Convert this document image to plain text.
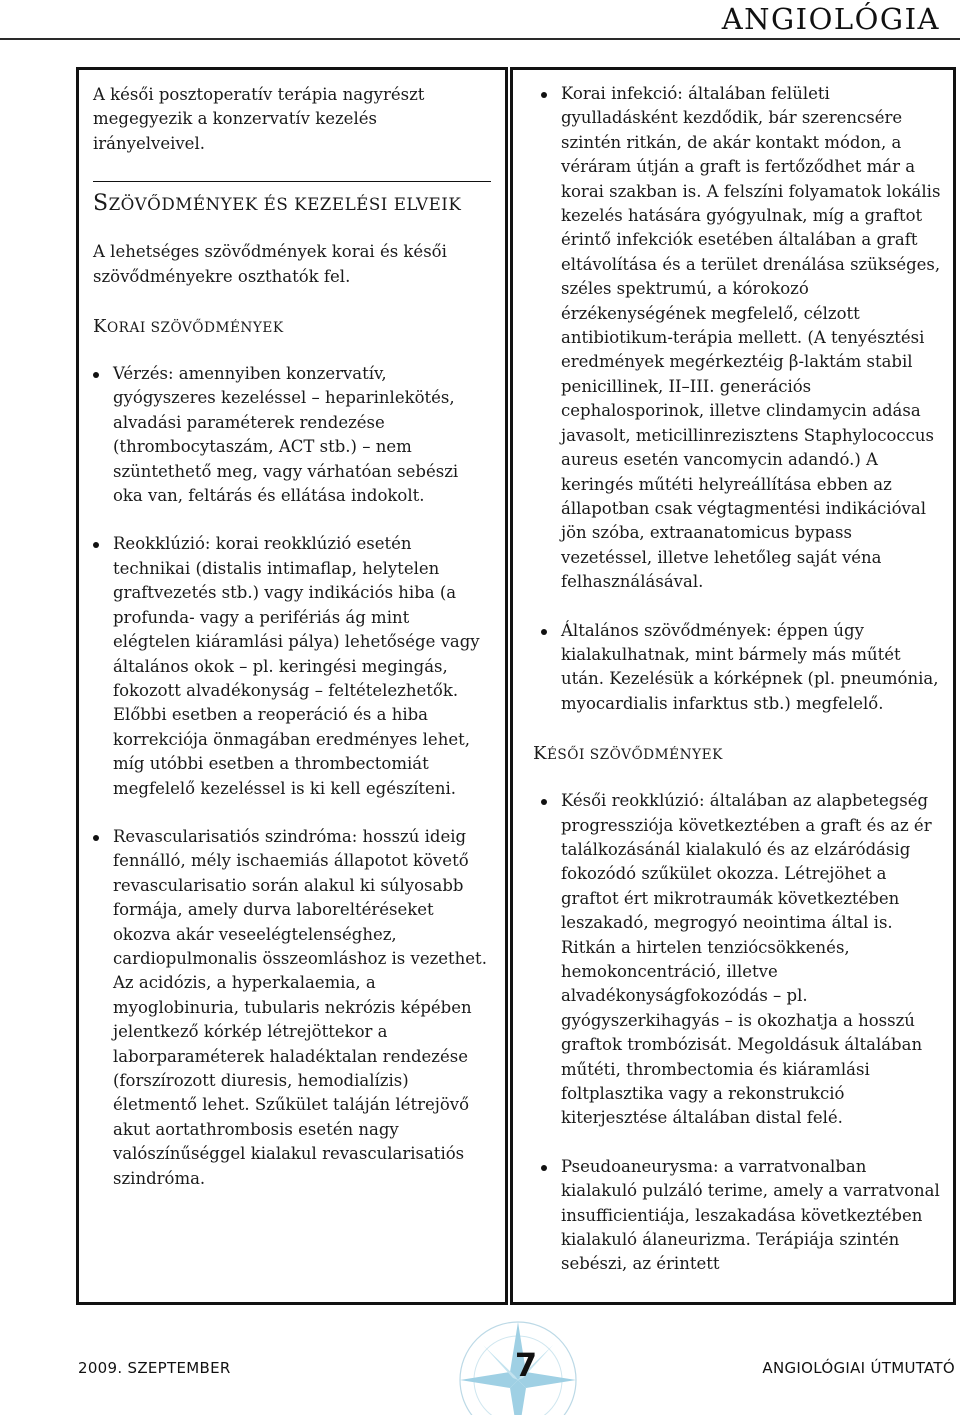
ANGIOLÓGIA

A késői posztoperatív terápia nagyrészt megegyezik a konzervatív kezelés irányelveivel.

SZÖVŐDMÉNYEK ÉS KEZELÉSI ELVEIK

A lehetséges szövődmények korai és késői szövődményekre oszthatók fel.

KORAI SZÖVŐDMÉNYEK
Vérzés: amennyiben konzervatív, gyógyszeres kezeléssel – heparinlekötés, alvadási paraméterek rendezése (thrombocytaszám, ACT stb.) – nem szüntethető meg, vagy várhatóan sebészi oka van, feltárás és ellátása indokolt.
Reokklúzió: korai reokklúzió esetén technikai (distalis intimaflap, helytelen graftvezetés stb.) vagy indikációs hiba (a profunda- vagy a perifériás ág mint elégtelen kiáramlási pálya) lehetősége vagy általános okok – pl. keringési megingás, fokozott alvadékonyság – feltételezhetők. Előbbi esetben a reoperáció és a hiba korrekciója önmagában eredményes lehet, míg utóbbi esetben a thrombectomiát megfelelő kezeléssel is ki kell egészíteni.
Revascularisatiós szindróma: hosszú ideig fennálló, mély ischaemiás állapotot követő revascularisatio során alakul ki súlyosabb formája, amely durva laboreltéréseket okozva akár veseelégtelenséghez, cardiopulmonalis összeomláshoz is vezethet. Az acidózis, a hyperkalaemia, a myoglobinuria, tubularis nekrózis képében jelentkező kórkép létrejöttekor a laborparaméterek haladéktalan rendezése (forszírozott diuresis, hemodialízis) életmentő lehet. Szűkület taláján létrejövő akut aortathrombosis esetén nagy valószínűséggel kialakul revascularisatiós szindróma.
Korai infekció: általában felületi gyulladásként kezdődik, bár szerencsére szintén ritkán, de akár kontakt módon, a véráram útján a graft is fertőződhet már a korai szakban is. A felszíni folyamatok lokális kezelés hatására gyógyulnak, míg a graftot érintő infekciók esetében általában a graft eltávolítása és a terület drenálása szükséges, széles spektrumú, a kórokozó érzékenységének megfelelő, célzott antibiotikum-terápia mellett. (A tenyésztési eredmények megérkeztéig β-laktám stabil penicillinek, II–III. generációs cephalosporinok, illetve clindamycin adása javasolt, meticillinrezisztens Staphylococcus aureus esetén vancomycin adandó.) A keringés műtéti helyreállítása ebben az állapotban csak végtagmentési indikációval jön szóba, extraanatomicus bypass vezetéssel, illetve lehetőleg saját véna felhasználásával.
Általános szövődmények: éppen úgy kialakulhatnak, mint bármely más műtét után. Kezelésük a kórképnek (pl. pneumónia, myocardialis infarktus stb.) megfelelő.
KÉSŐI SZÖVŐDMÉNYEK
Késői reokklúzió: általában az alapbetegség progressziója következtében a graft és az ér találkozásánál kialakuló és az elzáródásig fokozódó szűkület okozza. Létrejöhet a graftot ért mikrotraumák következtében leszakadó, megrogyó neointima által is. Ritkán a hirtelen tenziócsökkenés, hemokoncentráció, illetve alvadékonyságfokozódás – pl. gyógyszerkihagyás – is okozhatja a hosszú graftok trombózisát. Megoldásuk általában műtéti, thrombectomia és kiáramlási foltplasztika vagy a rekonstrukció kiterjesztése általában distal felé.
Pseudoaneurysma: a varratvonalban kialakuló pulzáló terime, amely a varratvonal insufficientiája, leszakadása következtében kialakuló álaneurizma. Terápiája szintén sebészi, az érintett
2009. SZEPTEMBER	7	ANGIOLÓGIAI ÚTMUTATÓ
